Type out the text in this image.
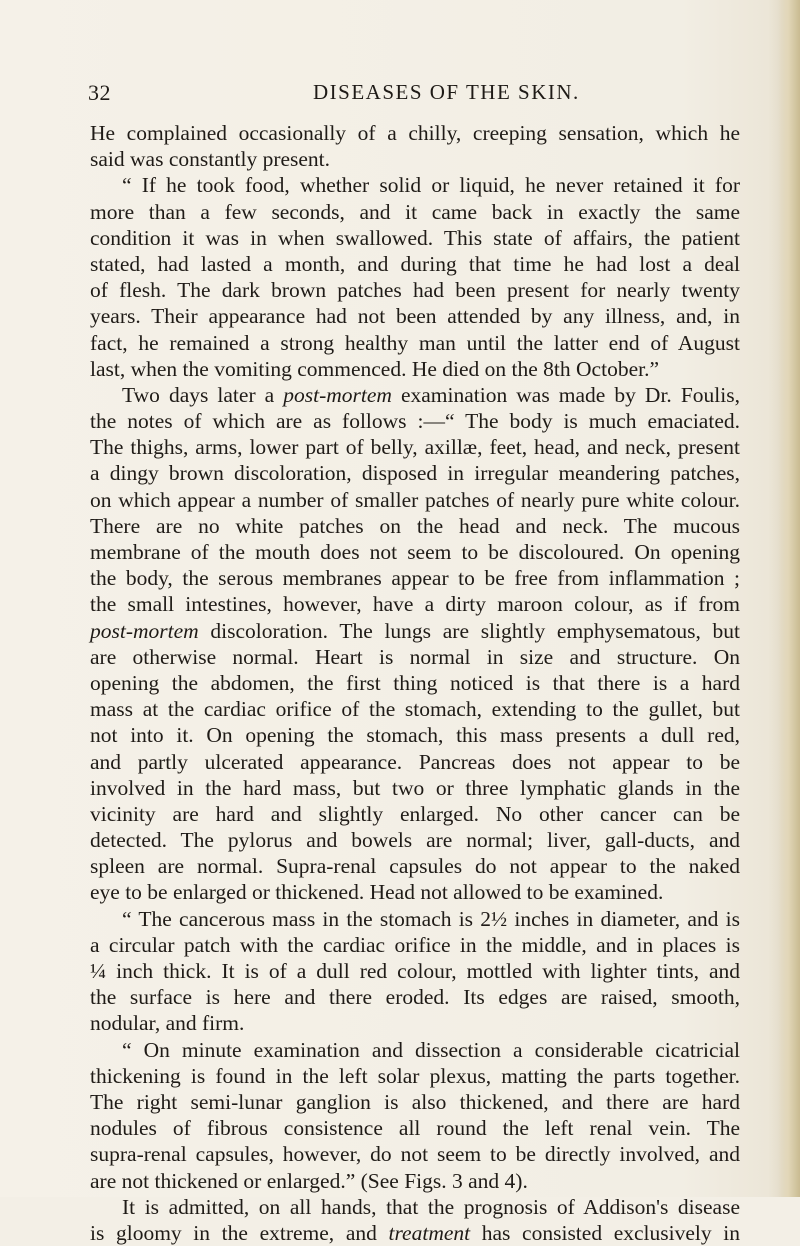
32	DISEASES OF THE SKIN.
He complained occasionally of a chilly, creeping sensation, which he
said was constantly present.
“ If he took food, whether solid or liquid, he never retained it for
more than a few seconds, and it came back in exactly the same
condition it was in when swallowed. This state of affairs, the patient
stated, had lasted a month, and during that time he had lost a deal
of flesh. The dark brown patches had been present for nearly twenty
years. Their appearance had not been attended by any illness, and, in
fact, he remained a strong healthy man until the latter end of August
last, when the vomiting commenced. He died on the 8th October.”
Two days later a post-mortem examination was made by Dr. Foulis,
the notes of which are as follows :—“ The body is much emaciated.
The thighs, arms, lower part of belly, axillæ, feet, head, and neck, present
a dingy brown discoloration, disposed in irregular meandering patches,
on which appear a number of smaller patches of nearly pure white colour.
There are no white patches on the head and neck. The mucous
membrane of the mouth does not seem to be discoloured. On opening
the body, the serous membranes appear to be free from inflammation ;
the small intestines, however, have a dirty maroon colour, as if from
post-mortem discoloration. The lungs are slightly emphysematous, but
are otherwise normal. Heart is normal in size and structure. On
opening the abdomen, the first thing noticed is that there is a hard
mass at the cardiac orifice of the stomach, extending to the gullet, but
not into it. On opening the stomach, this mass presents a dull red,
and partly ulcerated appearance. Pancreas does not appear to be
involved in the hard mass, but two or three lymphatic glands in the
vicinity are hard and slightly enlarged. No other cancer can be
detected. The pylorus and bowels are normal; liver, gall-ducts, and
spleen are normal. Supra-renal capsules do not appear to the naked
eye to be enlarged or thickened. Head not allowed to be examined.
“ The cancerous mass in the stomach is 2½ inches in diameter, and is
a circular patch with the cardiac orifice in the middle, and in places is
¼ inch thick. It is of a dull red colour, mottled with lighter tints, and
the surface is here and there eroded. Its edges are raised, smooth,
nodular, and firm.
“ On minute examination and dissection a considerable cicatricial
thickening is found in the left solar plexus, matting the parts together.
The right semi-lunar ganglion is also thickened, and there are hard
nodules of fibrous consistence all round the left renal vein. The
supra-renal capsules, however, do not seem to be directly involved, and
are not thickened or enlarged.” (See Figs. 3 and 4).
It is admitted, on all hands, that the prognosis of Addison's disease
is gloomy in the extreme, and treatment has consisted exclusively in
